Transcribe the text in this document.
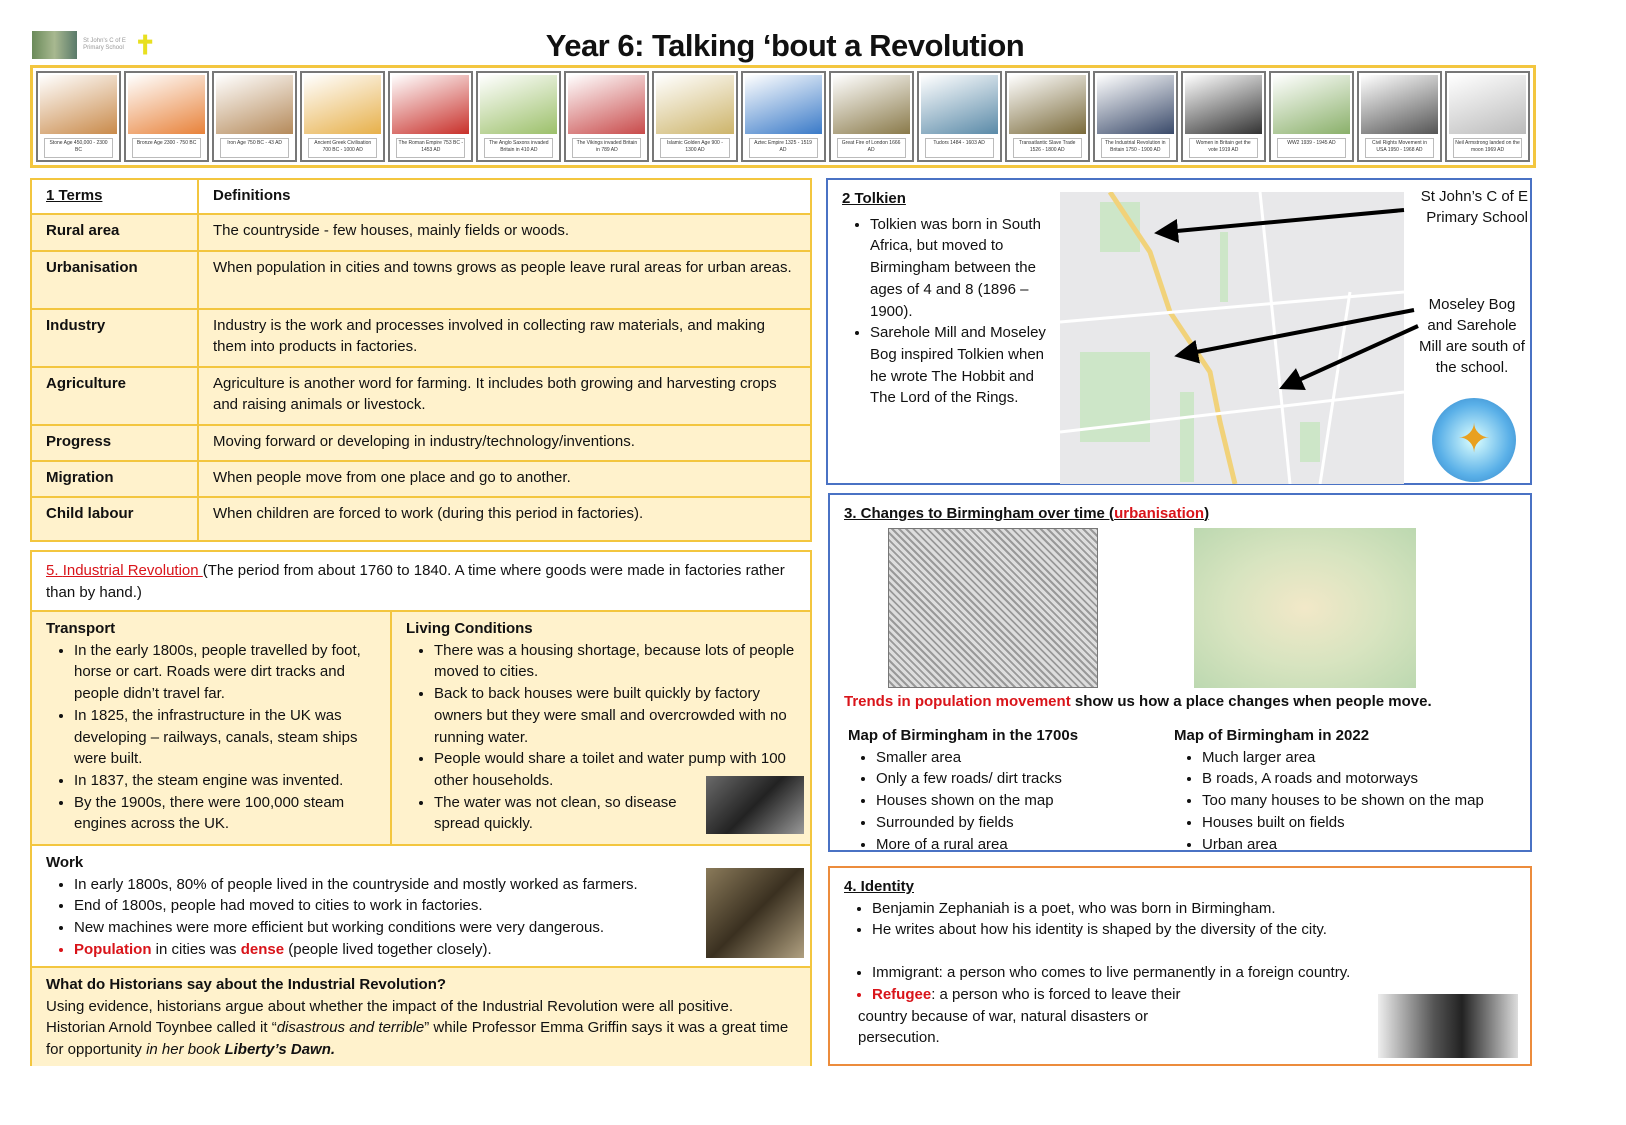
St John's C of E Primary School ✝	Year 6: Talking ‘bout a Revolution
Stone Age 450,000 - 2300 BC
Bronze Age 2300 - 750 BC	Iron Age 750 BC - 43 AD	Ancient Greek Civilisation 700 BC - 1000 AD
The Roman Empire 753 BC - 1453 AD
The Anglo Saxons invaded Britain in 410 AD
The Vikings invaded Britain in 789 AD
Islamic Golden Age 900 - 1300 AD
Aztec Empire 1325 - 1519 AD
Great Fire of London 1666 AD
Tudors 1484 - 1603 AD	Transatlantic Slave Trade 1526 - 1800 AD
The Industrial Revolution in Britain 1750 - 1900 AD
Women in Britain get the vote 1919 AD
WW2 1939 - 1945 AD	Civil Rights Movement in USA 1950 - 1968 AD
Neil Armstrong landed on the moon 1969 AD
1 Terms	Definitions
Rural area	The countryside - few houses, mainly fields or woods.
Urbanisation	When population in cities and towns grows as people leave rural areas for urban areas.
Industry	Industry is the work and processes involved in collecting raw materials, and making them into products in factories.
Agriculture	Agriculture is another word for farming. It includes both growing and harvesting crops and raising animals or livestock.
Progress	Moving forward or developing in industry/technology/inventions.
Migration	When people move from one place and go to another.
Child labour	When children are forced to work (during this period in factories).
5. Industrial Revolution (The period from about 1760 to 1840. A time where goods were made in factories rather than by hand.)
Transport
• In the early 1800s, people travelled by foot, horse or cart. Roads were dirt tracks and people didn’t travel far.
• In 1825, the infrastructure in the UK was developing – railways, canals, steam ships were built.
• In 1837, the steam engine was invented.
• By the 1900s, there were 100,000 steam engines across the UK.
Living Conditions
• There was a housing shortage, because lots of people moved to cities.
• Back to back houses were built quickly by factory owners but they were small and overcrowded with no running water.
• People would share a toilet and water pump with 100 other households.
• The water was not clean, so disease spread quickly.
Work
• In early 1800s, 80% of people lived in the countryside and mostly worked as farmers.
• End of 1800s, people had moved to cities to work in factories.
• New machines were more efficient but working conditions were very dangerous.
• Population in cities was dense (people lived together closely).
What do Historians say about the Industrial Revolution?
Using evidence, historians argue about whether the impact of the Industrial Revolution were all positive. Historian Arnold Toynbee called it “disastrous and terrible” while Professor Emma Griffin says it was a great time for opportunity in her book Liberty’s Dawn.
2 Tolkien
• Tolkien was born in South Africa, but moved to Birmingham between the ages of 4 and 8 (1896 – 1900).
• Sarehole Mill and Moseley Bog inspired Tolkien when he wrote The Hobbit and The Lord of the Rings.
St John’s C of E Primary School
Moseley Bog and Sarehole Mill are south of the school.
✦
3. Changes to Birmingham over time (urbanisation)
Trends in population movement show us how a place changes when people move.
Map of Birmingham in the 1700s
• Smaller area
• Only a few roads/ dirt tracks
• Houses shown on the map
• Surrounded by fields
• More of a rural area
Map of Birmingham in 2022
• Much larger area
• B roads, A roads and motorways
• Too many houses to be shown on the map
• Houses built on fields
• Urban area
4. Identity
• Benjamin Zephaniah is a poet, who was born in Birmingham.
• He writes about how his identity is shaped by the diversity of the city.
• Immigrant: a person who comes to live permanently in a foreign country.
• Refugee: a person who is forced to leave their
country because of war, natural disasters or persecution.
